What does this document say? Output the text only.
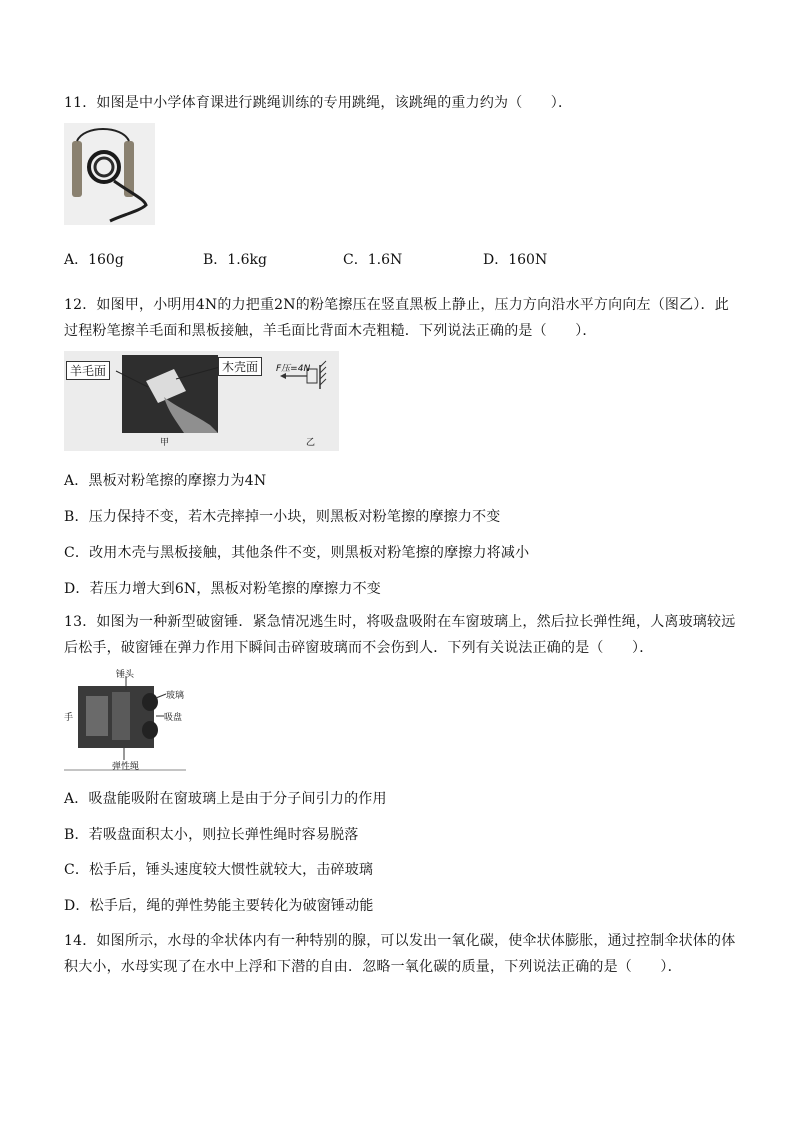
11．如图是中小学体育课进行跳绳训练的专用跳绳，该跳绳的重力约为（　　）．
A．160g	B．1.6kg	C．1.6N	D．160N
12．如图甲，小明用4N的力把重2N的粉笔擦压在竖直黑板上静止，压力方向沿水平方向向左（图乙）．此
过程粉笔擦羊毛面和黑板接触，羊毛面比背面木壳粗糙．下列说法正确的是（　　）．
羊毛面	木壳面	F压=4N
甲	乙
A．黑板对粉笔擦的摩擦力为4N
B．压力保持不变，若木壳摔掉一小块，则黑板对粉笔擦的摩擦力不变
C．改用木壳与黑板接触，其他条件不变，则黑板对粉笔擦的摩擦力将减小
D．若压力增大到6N，黑板对粉笔擦的摩擦力不变
13．如图为一种新型破窗锤．紧急情况逃生时，将吸盘吸附在车窗玻璃上，然后拉长弹性绳，人离玻璃较远
后松手，破窗锤在弹力作用下瞬间击碎窗玻璃而不会伤到人．下列有关说法正确的是（　　）．
锤头
玻璃
手	吸盘
弹性绳
A．吸盘能吸附在窗玻璃上是由于分子间引力的作用
B．若吸盘面积太小，则拉长弹性绳时容易脱落
C．松手后，锤头速度较大惯性就较大，击碎玻璃
D．松手后，绳的弹性势能主要转化为破窗锤动能
14．如图所示，水母的伞状体内有一种特别的腺，可以发出一氧化碳，使伞状体膨胀，通过控制伞状体的体
积大小，水母实现了在水中上浮和下潜的自由．忽略一氧化碳的质量，下列说法正确的是（　　）．
